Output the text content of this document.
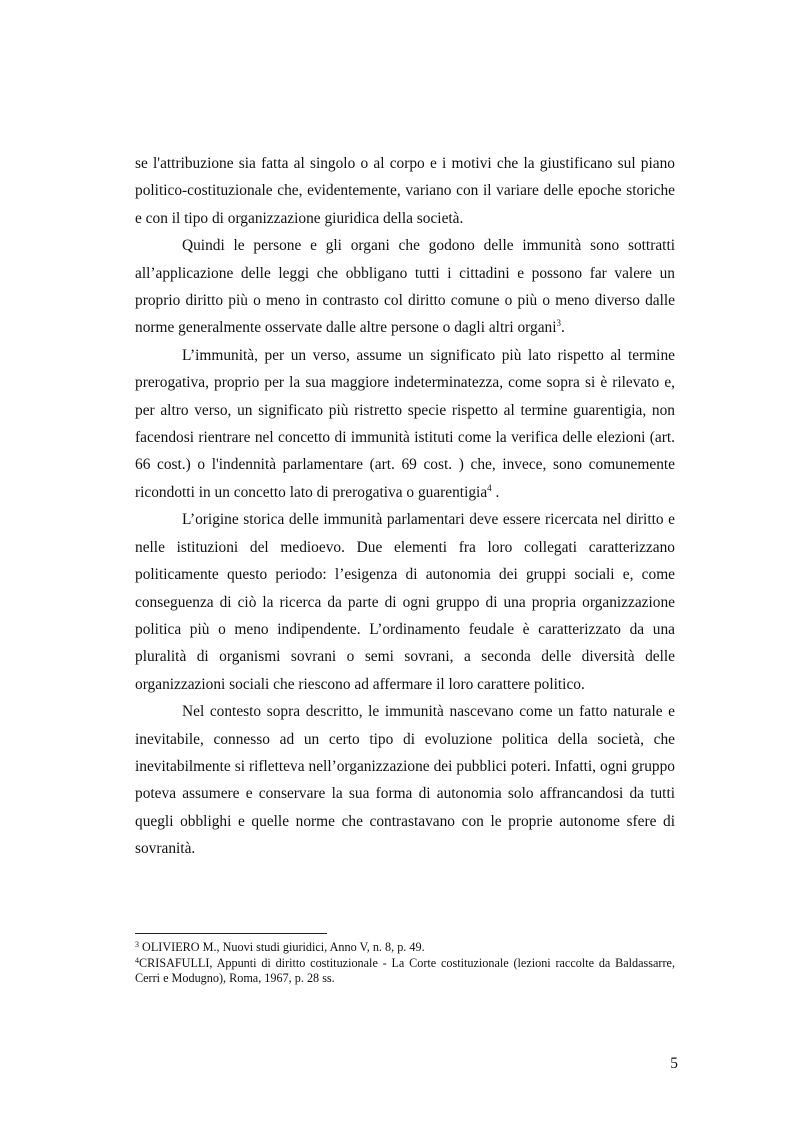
se l'attribuzione sia fatta al singolo o al corpo e i motivi che la giustificano sul piano politico-costituzionale che, evidentemente, variano con il variare delle epoche storiche e con il tipo di organizzazione giuridica della società.

Quindi le persone e gli organi che godono delle immunità sono sottratti all’applicazione delle leggi che obbligano tutti i cittadini e possono far valere un proprio diritto più o meno in contrasto col diritto comune o più o meno diverso dalle norme generalmente osservate dalle altre persone o dagli altri organi$^3$.

L’immunità, per un verso, assume un significato più lato rispetto al termine prerogativa, proprio per la sua maggiore indeterminatezza, come sopra si è rilevato e, per altro verso, un significato più ristretto specie rispetto al termine guarentigia, non facendosi rientrare nel concetto di immunità istituti come la verifica delle elezioni (art. 66 cost.) o l'indennità parlamentare (art. 69 cost. ) che, invece, sono comunemente ricondotti in un concetto lato di prerogativa o guarentigia$^4$ .

L’origine storica delle immunità parlamentari deve essere ricercata nel diritto e nelle istituzioni del medioevo. Due elementi fra loro collegati caratterizzano politicamente questo periodo: l’esigenza di autonomia dei gruppi sociali e, come conseguenza di ciò la ricerca da parte di ogni gruppo di una propria organizzazione politica più o meno indipendente. L’ordinamento feudale è caratterizzato da una pluralità di organismi sovrani o semi sovrani, a seconda delle diversità delle organizzazioni sociali che riescono ad affermare il loro carattere politico.

Nel contesto sopra descritto, le immunità nascevano come un fatto naturale e inevitabile, connesso ad un certo tipo di evoluzione politica della società, che inevitabilmente si rifletteva nell’organizzazione dei pubblici poteri. Infatti, ogni gruppo poteva assumere e conservare la sua forma di autonomia solo affrancandosi da tutti quegli obblighi e quelle norme che contrastavano con le proprie autonome sfere di sovranità.

$^3$ OLIVIERO M., Nuovi studi giuridici, Anno V, n. 8, p. 49.

$^4$CRISAFULLI, Appunti di diritto costituzionale - La Corte costituzionale (lezioni raccolte da Baldassarre, Cerri e Modugno), Roma, 1967, p. 28 ss.

5
